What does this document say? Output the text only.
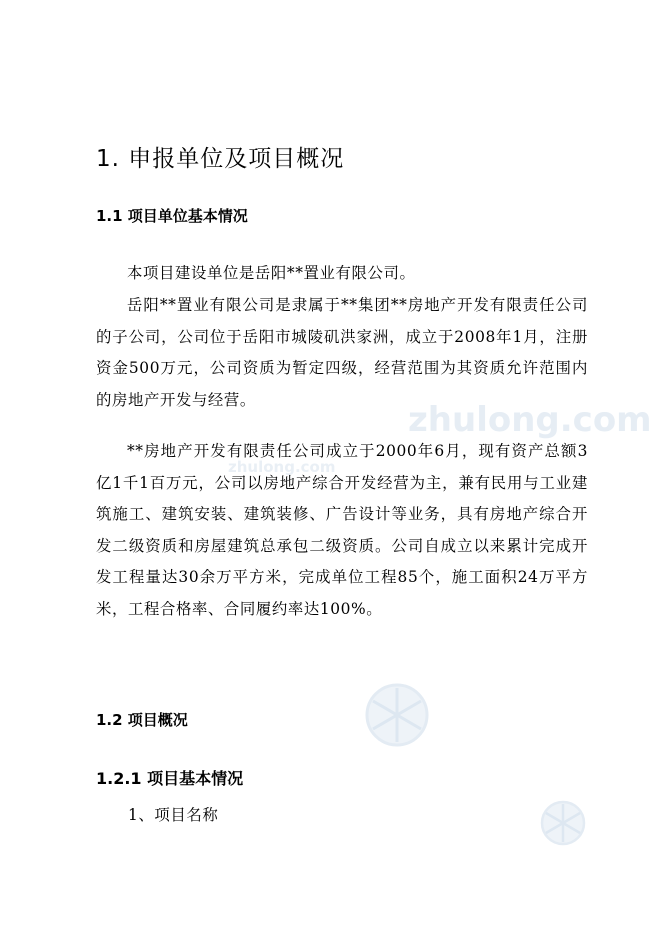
zhulong.com
zhulong.com
1. 申报单位及项目概况
1.1 项目单位基本情况
本项目建设单位是岳阳**置业有限公司。
岳阳**置业有限公司是隶属于**集团**房地产开发有限责任公司的子公司，公司位于岳阳市城陵矶洪家洲，成立于2008年1月，注册资金500万元，公司资质为暂定四级，经营范围为其资质允许范围内的房地产开发与经营。
**房地产开发有限责任公司成立于2000年6月，现有资产总额3亿1千1百万元，公司以房地产综合开发经营为主，兼有民用与工业建筑施工、建筑安装、建筑装修、广告设计等业务，具有房地产综合开发二级资质和房屋建筑总承包二级资质。公司自成立以来累计完成开发工程量达30余万平方米，完成单位工程85个，施工面积24万平方米，工程合格率、合同履约率达100%。
1.2 项目概况
1.2.1 项目基本情况
1、项目名称
